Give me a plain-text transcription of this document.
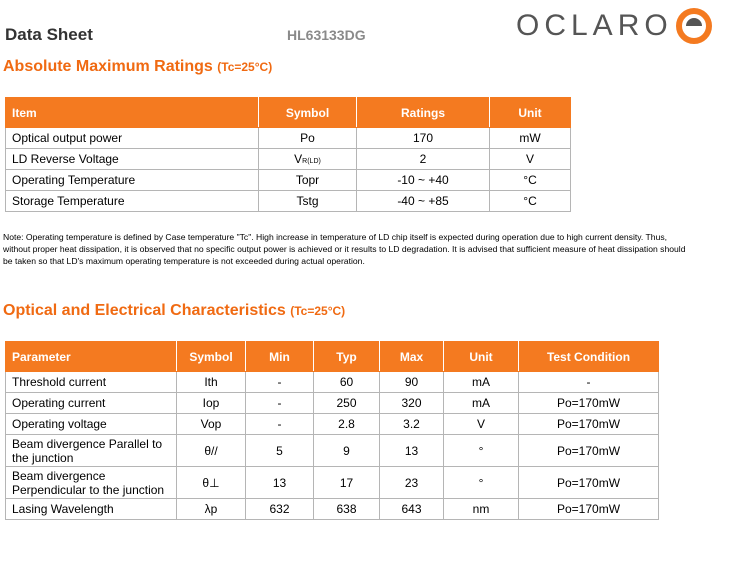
Data Sheet	HL63133DG	OCLARO
Absolute Maximum Ratings (Tc=25°C)
Item	Symbol	Ratings	Unit
Optical output power	Po	170	mW
LD Reverse Voltage	VR(LD)	2	V
Operating Temperature	Topr	-10 ~ +40	°C
Storage Temperature	Tstg	-40 ~ +85	°C
Note: Operating temperature is defined by Case temperature "Tc". High increase in temperature of LD chip itself is expected during operation due to high current density. Thus, without proper heat dissipation, it is observed that no specific output power is achieved or it results to LD degradation. It is advised that sufficient measure of heat dissipation should be taken so that LD's maximum operating temperature is not exceeded during actual operation.
Optical and Electrical Characteristics (Tc=25°C)
Parameter	Symbol	Min	Typ	Max	Unit	Test Condition
Threshold current	Ith	-	60	90	mA	-
Operating current	Iop	-	250	320	mA	Po=170mW
Operating voltage	Vop	-	2.8	3.2	V	Po=170mW
Beam divergence Parallel to the junction	θ//	5	9	13	°	Po=170mW
Beam divergence Perpendicular to the junction	θ⊥	13	17	23	°	Po=170mW
Lasing Wavelength	λp	632	638	643	nm	Po=170mW
